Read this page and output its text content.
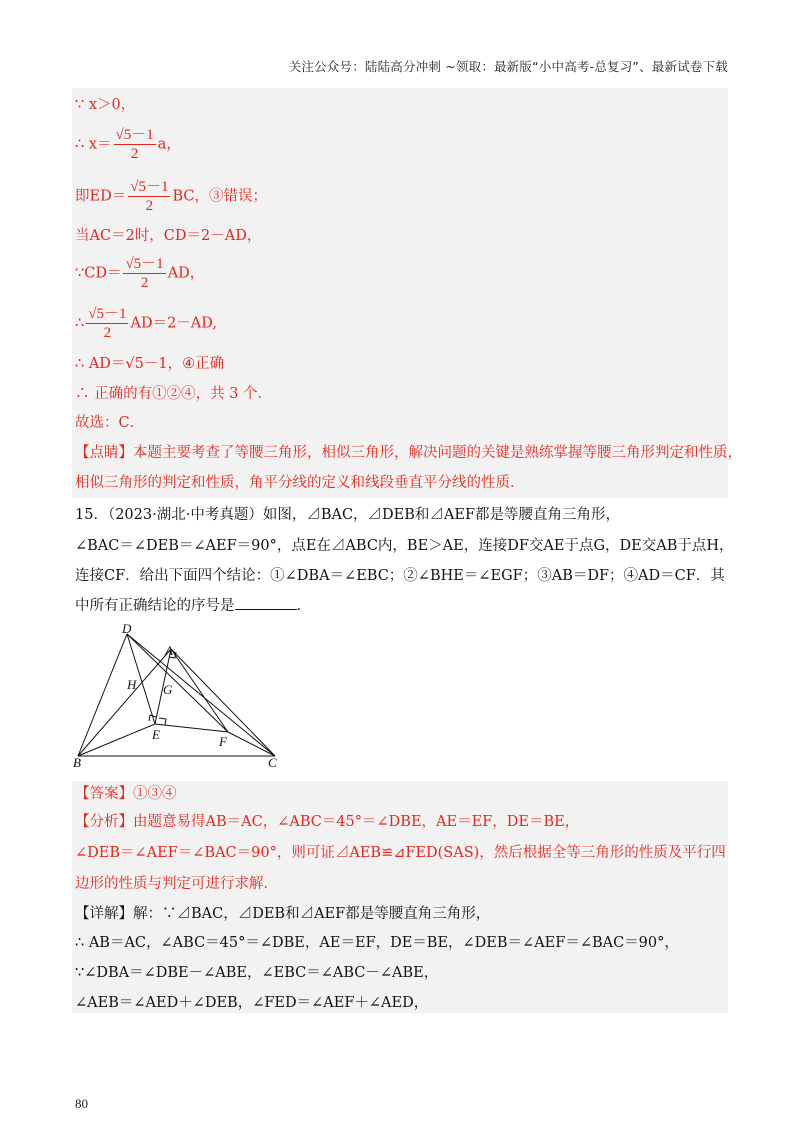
关注公众号：陆陆高分冲刺 ~领取：最新版“小中高考-总复习”、最新试卷下载
∵ x＞0，
∴ $x= \frac{√5-1}{2}$ a，
即$ED= \frac{√5-1}{2}$ BC，③错误；
当AC＝2时，CD＝2－AD，
∵CD＝ $\frac{√5-1}{2}$ AD，
∴ $\frac{√5-1}{2} AD=2-AD$,
∴ AD＝√5－1，④正确
∴ 正确的有①②④，共 3 个．
故选：C．
【点睛】本题主要考查了等腰三角形，相似三角形，解决问题的关键是熟练掌握等腰三角形判定和性质，
相似三角形的判定和性质，角平分线的定义和线段垂直平分线的性质．
15．（2023·湖北·中考真题）如图，⊿BAC，⊿DEB和⊿AEF都是等腰直角三角形，
∠BAC＝∠DEB＝∠AEF＝90°，点E在⊿ABC内，BE＞AE，连接DF交AE于点G，DE交AB于点H，
连接CF．给出下面四个结论：①∠DBA＝∠EBC；②∠BHE＝∠EGF；③AB＝DF；④AD＝CF．其
中所有正确结论的序号是	．
D
A
H G
E	F
B	C
【答案】①③④
【分析】由题意易得AB＝AC，∠ABC＝45°＝∠DBE，AE＝EF，DE＝BE，
∠DEB＝∠AEF＝∠BAC＝90°，则可证⊿AEB≌⊿FED(SAS)，然后根据全等三角形的性质及平行四
边形的性质与判定可进行求解．
【详解】解：∵⊿BAC，⊿DEB和⊿AEF都是等腰直角三角形，
∴ AB＝AC，∠ABC＝45°＝∠DBE，AE＝EF，DE＝BE，∠DEB＝∠AEF＝∠BAC＝90°，
∵∠DBA＝∠DBE－∠ABE，∠EBC＝∠ABC－∠ABE，
∠AEB＝∠AED＋∠DEB，∠FED＝∠AEF＋∠AED，
80
